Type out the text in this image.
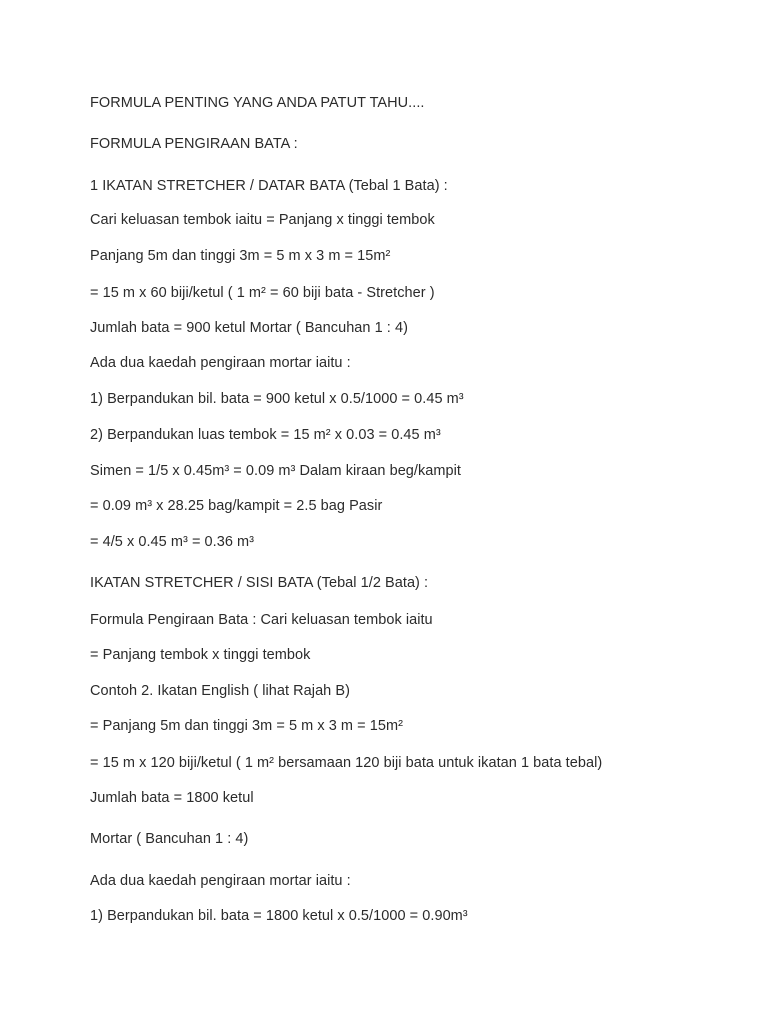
FORMULA PENTING YANG ANDA PATUT TAHU....
FORMULA PENGIRAAN BATA :
1 IKATAN STRETCHER / DATAR BATA (Tebal 1 Bata) :
Cari keluasan tembok iaitu = Panjang x tinggi tembok
Panjang 5m dan tinggi 3m = 5 m x 3 m = 15m²
= 15 m x 60 biji/ketul ( 1 m² = 60 biji bata - Stretcher )
Jumlah bata = 900 ketul Mortar ( Bancuhan 1 : 4)
Ada dua kaedah pengiraan mortar iaitu :
1) Berpandukan bil. bata = 900 ketul x 0.5/1000 = 0.45 m³
2) Berpandukan luas tembok = 15 m² x 0.03 = 0.45 m³
Simen = 1/5 x 0.45m³ = 0.09 m³ Dalam kiraan beg/kampit
= 0.09 m³ x 28.25 bag/kampit = 2.5 bag Pasir
= 4/5 x 0.45 m³ = 0.36 m³
IKATAN STRETCHER / SISI BATA (Tebal 1/2 Bata) :
Formula Pengiraan Bata : Cari keluasan tembok iaitu
= Panjang tembok x tinggi tembok
Contoh 2. Ikatan English ( lihat Rajah B)
= Panjang 5m dan tinggi 3m = 5 m x 3 m = 15m²
= 15 m x 120 biji/ketul ( 1 m² bersamaan 120 biji bata untuk ikatan 1 bata tebal)
Jumlah bata = 1800 ketul
Mortar ( Bancuhan 1 : 4)
Ada dua kaedah pengiraan mortar iaitu :
1) Berpandukan bil. bata = 1800 ketul x 0.5/1000 = 0.90m³
